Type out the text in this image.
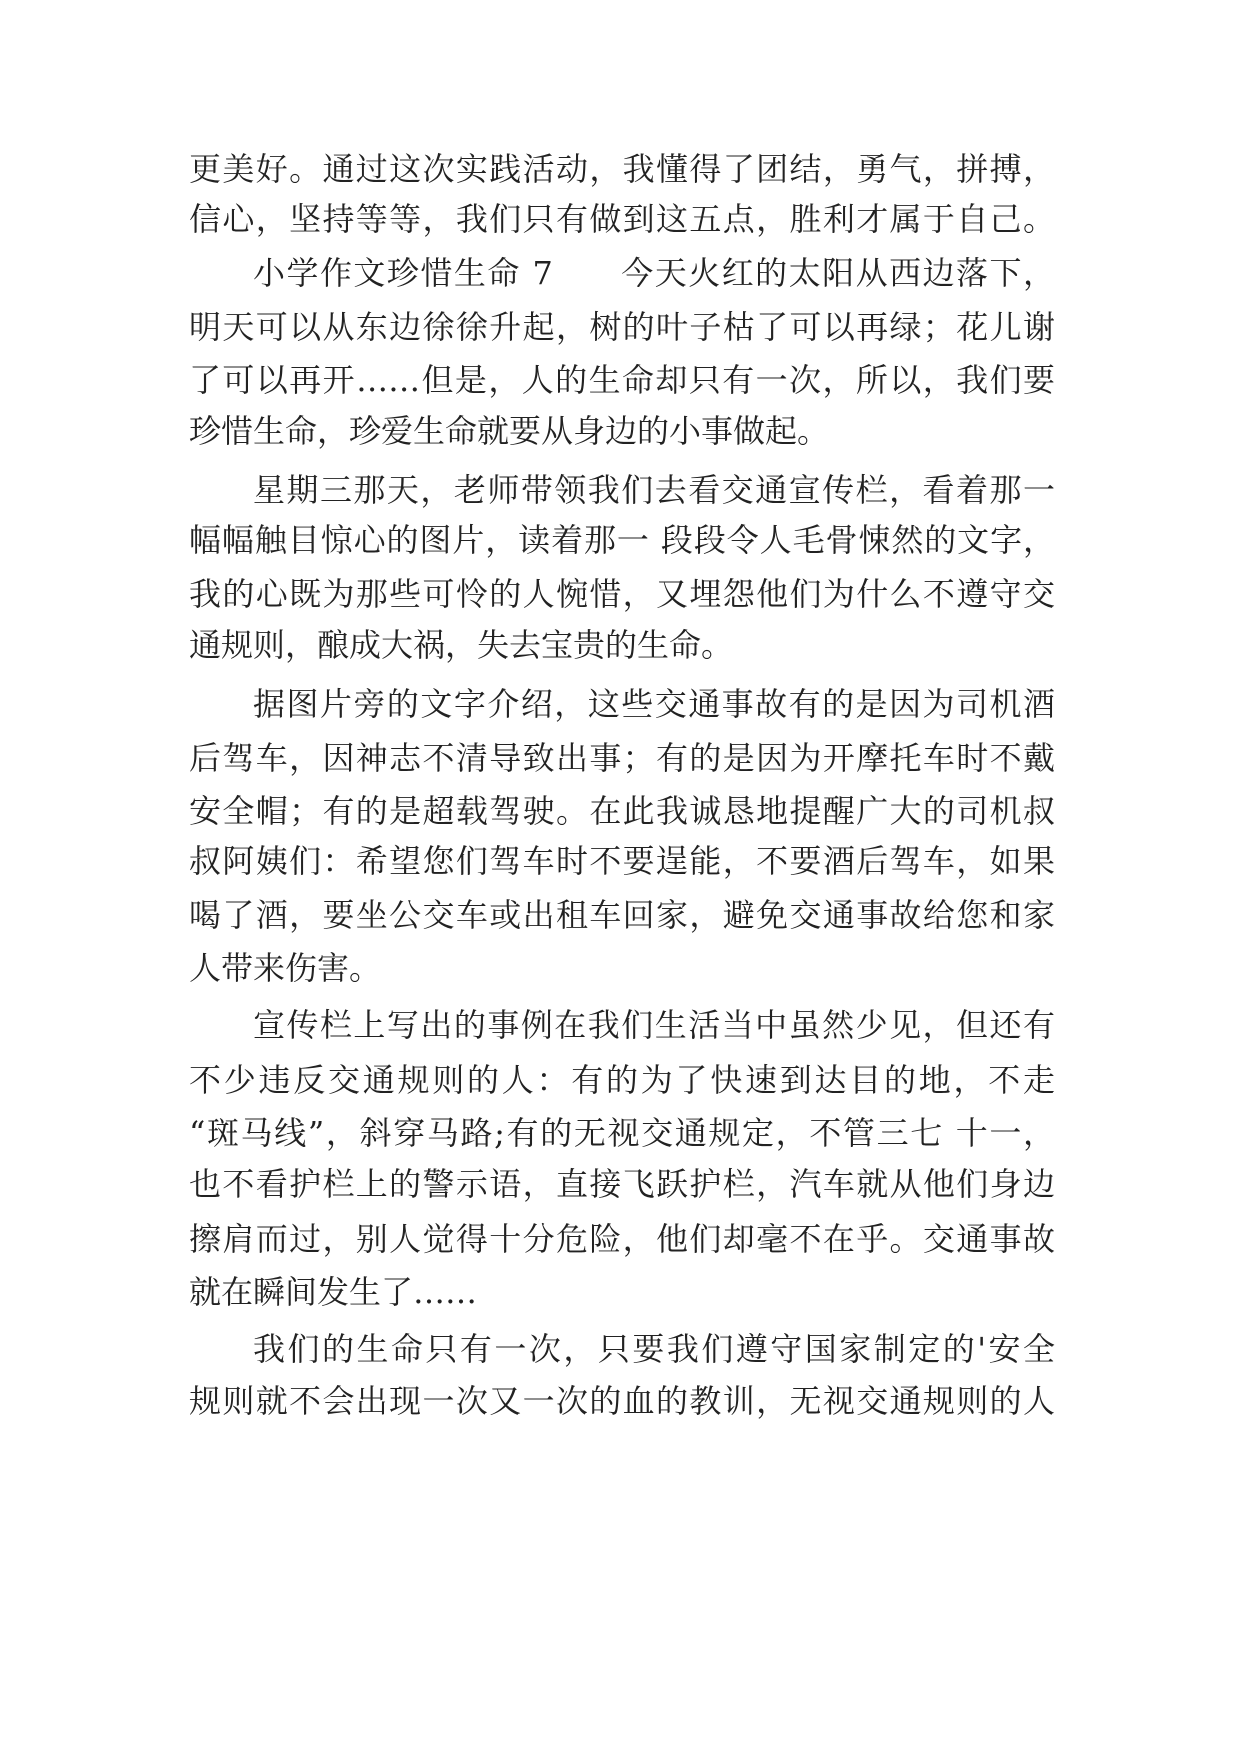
更美好。通过这次实践活动，我懂得了团结，勇气，拼搏，
信心，坚持等等，我们只有做到这五点，胜利才属于自己。
小学作文珍惜生命 7　　今天火红的太阳从西边落下，
明天可以从东边徐徐升起，树的叶子枯了可以再绿；花儿谢
了可以再开……但是，人的生命却只有一次，所以，我们要
珍惜生命，珍爱生命就要从身边的小事做起。
星期三那天，老师带领我们去看交通宣传栏，看着那一
幅幅触目惊心的图片，读着那一 段段令人毛骨悚然的文字，
我的心既为那些可怜的人惋惜，又埋怨他们为什么不遵守交
通规则，酿成大祸，失去宝贵的生命。
据图片旁的文字介绍，这些交通事故有的是因为司机酒
后驾车，因神志不清导致出事；有的是因为开摩托车时不戴
安全帽；有的是超载驾驶。在此我诚恳地提醒广大的司机叔
叔阿姨们：希望您们驾车时不要逞能，不要酒后驾车，如果
喝了酒，要坐公交车或出租车回家，避免交通事故给您和家
人带来伤害。
宣传栏上写出的事例在我们生活当中虽然少见，但还有
不少违反交通规则的人：有的为了快速到达目的地，不走
“斑马线”，斜穿马路;有的无视交通规定，不管三七 十一，
也不看护栏上的警示语，直接飞跃护栏，汽车就从他们身边
擦肩而过，别人觉得十分危险，他们却毫不在乎。交通事故
就在瞬间发生了……
我们的生命只有一次，只要我们遵守国家制定的'安全
规则就不会出现一次又一次的血的教训，无视交通规则的人
